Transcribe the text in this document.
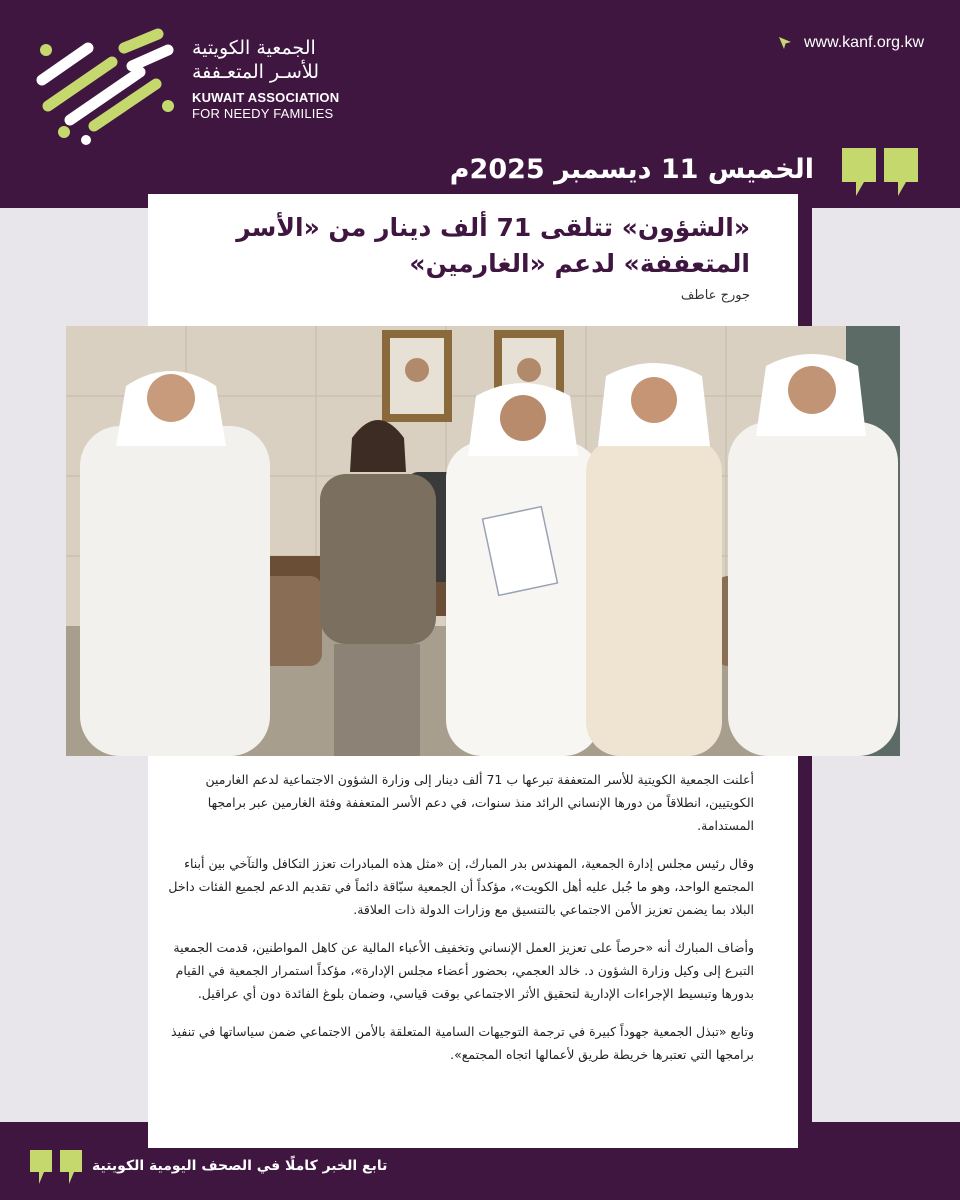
الجمعية الكويتية
للأسـر المتعـففة
KUWAIT ASSOCIATION
FOR NEEDY FAMILIES
www.kanf.org.kw
الخميس 11 ديسمبر 2025م
«الشؤون» تتلقى 71 ألف دينار من «الأسر
المتعففة» لدعم «الغارمين»
جورج عاطف

أعلنت الجمعية الكويتية للأسر المتعففة تبرعها ب 71 ألف دينار إلى وزارة الشؤون الاجتماعية لدعم الغارمين الكويتيين، انطلاقاً من دورها الإنساني الرائد منذ سنوات، في دعم الأسر المتعففة وفئة الغارمين عبر برامجها المستدامة.

وقال رئيس مجلس إدارة الجمعية، المهندس بدر المبارك، إن «مثل هذه المبادرات تعزز التكافل والتآخي بين أبناء المجتمع الواحد، وهو ما جُبل عليه أهل الكويت»، مؤكداً أن الجمعية سبّاقة دائماً في تقديم الدعم لجميع الفئات داخل البلاد بما يضمن تعزيز الأمن الاجتماعي بالتنسيق مع وزارات الدولة ذات العلاقة.

وأضاف المبارك أنه «حرصاً على تعزيز العمل الإنساني وتخفيف الأعباء المالية عن كاهل المواطنين، قدمت الجمعية التبرع إلى وكيل وزارة الشؤون د. خالد العجمي، بحضور أعضاء مجلس الإدارة»، مؤكداً استمرار الجمعية في القيام بدورها وتبسيط الإجراءات الإدارية لتحقيق الأثر الاجتماعي بوقت قياسي، وضمان بلوغ الفائدة دون أي عراقيل.

وتابع «تبذل الجمعية جهوداً كبيرة في ترجمة التوجيهات السامية المتعلقة بالأمن الاجتماعي ضمن سياساتها في تنفيذ برامجها التي تعتبرها خريطة طريق لأعمالها اتجاه المجتمع».

تابع الخبر كاملًا في الصحف اليومية الكويتية
